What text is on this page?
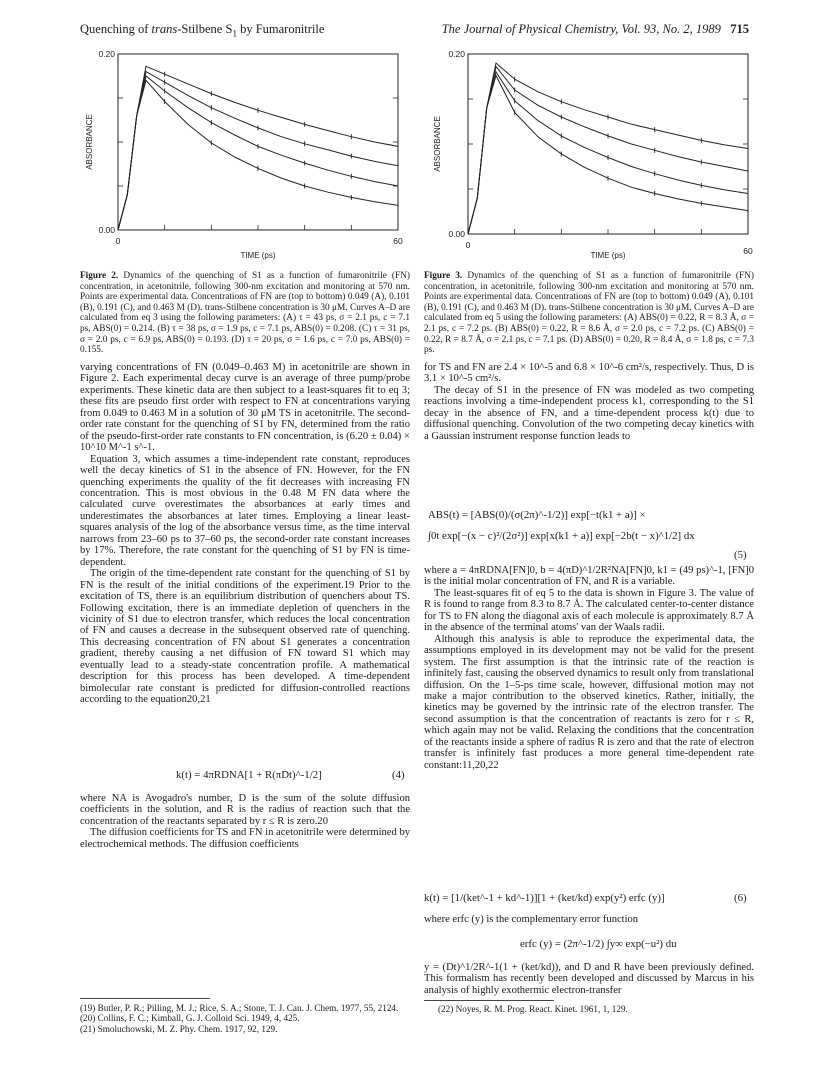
Quenching of trans-Stilbene $S_1$ by Fumaronitrile	The Journal of Physical Chemistry, Vol. 93, No. 2, 1989 715
0.20
0.00
0	60
TIME (ps)
ABSORBANCE
0.20
0.00
0
60
TIME (ps)
ABSORBANCE
Figure 2. Dynamics of the quenching of S1 as a function of fumaronitrile (FN) concentration, in acetonitrile, following 300-nm excitation and monitoring at 570 nm. Points are experimental data. Concentrations of FN are (top to bottom) 0.049 (A), 0.101 (B), 0.191 (C), and 0.463 M (D). trans-Stilbene concentration is 30 μM. Curves A–D are calculated from eq 3 using the following parameters: (A) τ = 43 ps, σ = 2.1 ps, c = 7.1 ps, ABS(0) = 0.214. (B) τ = 38 ps, σ = 1.9 ps, c = 7.1 ps, ABS(0) = 0.208. (C) τ = 31 ps, σ = 2.0 ps, c = 6.9 ps, ABS(0) = 0.193. (D) τ = 20 ps, σ = 1.6 ps, c = 7.0 ps, ABS(0) = 0.155.
Figure 3. Dynamics of the quenching of S1 as a function of fumaronitrile (FN) concentration, in acetonitrile, following 300-nm excitation and monitoring at 570 nm. Points are experimental data. Concentrations of FN are (top to bottom) 0.049 (A), 0.101 (B), 0.191 (C), and 0.463 M (D). trans-Stilbene concentration is 30 μM. Curves A–D are calculated from eq 5 using the following parameters: (A) ABS(0) = 0.22, R = 8.3 Å, σ = 2.1 ps, c = 7.2 ps. (B) ABS(0) = 0.22, R = 8.6 Å, σ = 2.0 ps, c = 7.2 ps. (C) ABS(0) = 0.22, R = 8.7 Å, σ = 2.1 ps, c = 7.1 ps. (D) ABS(0) = 0.20, R = 8.4 Å, σ = 1.8 ps, c = 7.3 ps.

varying concentrations of FN (0.049–0.463 M) in acetonitrile are shown in Figure 2. Each experimental decay curve is an average of three pump/probe experiments. These kinetic data are then subject to a least-squares fit to eq 3; these fits are pseudo first order with respect to FN at concentrations varying from 0.049 to 0.463 M in a solution of 30 μM TS in acetonitrile. The second-order rate constant for the quenching of S1 by FN, determined from the ratio of the pseudo-first-order rate constants to FN concentration, is (6.20 ± 0.04) × 10^10 M^-1 s^-1.

Equation 3, which assumes a time-independent rate constant, reproduces well the decay kinetics of S1 in the absence of FN. However, for the FN quenching experiments the quality of the fit decreases with increasing FN concentration. This is most obvious in the 0.48 M FN data where the calculated curve overestimates the absorbances at early times and underestimates the absorbances at later times. Employing a linear least-squares analysis of the log of the absorbance versus time, as the time interval narrows from 23–60 ps to 37–60 ps, the second-order rate constant increases by 17%. Therefore, the rate constant for the quenching of S1 by FN is time-dependent.

The origin of the time-dependent rate constant for the quenching of S1 by FN is the result of the initial conditions of the experiment.19 Prior to the excitation of TS, there is an equilibrium distribution of quenchers about TS. Following excitation, there is an immediate depletion of quenchers in the vicinity of S1 due to electron transfer, which reduces the local concentration of FN and causes a decrease in the subsequent observed rate of quenching. This decreasing concentration of FN about S1 generates a concentration gradient, thereby causing a net diffusion of FN toward S1 which may eventually lead to a steady-state concentration profile. A mathematical description for this process has been developed. A time-dependent bimolecular rate constant is predicted for diffusion-controlled reactions according to the equation20,21

k(t) = 4πRDNA[1 + R(πDt)^-1/2]	(4)

where NA is Avogadro's number, D is the sum of the solute diffusion coefficients in the solution, and R is the radius of reaction such that the concentration of the reactants separated by r ≤ R is zero.20

The diffusion coefficients for TS and FN in acetonitrile were determined by electrochemical methods. The diffusion coefficients

(19) Butler, P. R.; Pilling, M. J.; Rice, S. A.; Stone, T. J. Can. J. Chem. 1977, 55, 2124.
(20) Collins, F. C.; Kimball, G. J. Colloid Sci. 1949, 4, 425.
(21) Smoluchowski, M. Z. Phy. Chem. 1917, 92, 129.

for TS and FN are 2.4 × 10^-5 and 6.8 × 10^-6 cm²/s, respectively. Thus, D is 3.1 × 10^-5 cm²/s.

The decay of S1 in the presence of FN was modeled as two competing reactions involving a time-independent process k1, corresponding to the S1 decay in the absence of FN, and a time-dependent process k(t) due to diffusional quenching. Convolution of the two competing decay kinetics with a Gaussian instrument response function leads to

ABS(t) = [ABS(0)/(σ(2π)^-1/2)] exp[−t(k1 + a)] ×
∫0t exp[−(x − c)²/(2σ²)] exp[x(k1 + a)] exp[−2b(t − x)^1/2] dx
(5)

where a = 4πRDNA[FN]0, b = 4(πD)^1/2R²NA[FN]0, k1 = (49 ps)^-1, [FN]0 is the initial molar concentration of FN, and R is a variable.

The least-squares fit of eq 5 to the data is shown in Figure 3. The value of R is found to range from 8.3 to 8.7 Å. The calculated center-to-center distance for TS to FN along the diagonal axis of each molecule is approximately 8.7 Å in the absence of the terminal atoms' van der Waals radii.

Although this analysis is able to reproduce the experimental data, the assumptions employed in its development may not be valid for the present system. The first assumption is that the intrinsic rate of the reaction is infinitely fast, causing the observed dynamics to result only from translational diffusion. On the 1–5-ps time scale, however, diffusional motion may not make a major contribution to the observed kinetics. Rather, initially, the kinetics may be governed by the intrinsic rate of the electron transfer. The second assumption is that the concentration of reactants is zero for r ≤ R, which again may not be valid. Relaxing the conditions that the concentration of the reactants inside a sphere of radius R is zero and that the rate of electron transfer is infinitely fast produces a more general time-dependent rate constant:11,20,22

k(t) = [1/(ket^-1 + kd^-1)][1 + (ket/kd) exp(y²) erfc (y)]	(6)

where erfc (y) is the complementary error function

erfc (y) = (2π^-1/2) ∫y∞ exp(−u²) du

y = (Dt)^1/2R^-1(1 + (ket/kd)), and D and R have been previously defined. This formalism has recently been developed and discussed by Marcus in his analysis of highly exothermic electron-transfer

(22) Noyes, R. M. Prog. React. Kinet. 1961, 1, 129.
